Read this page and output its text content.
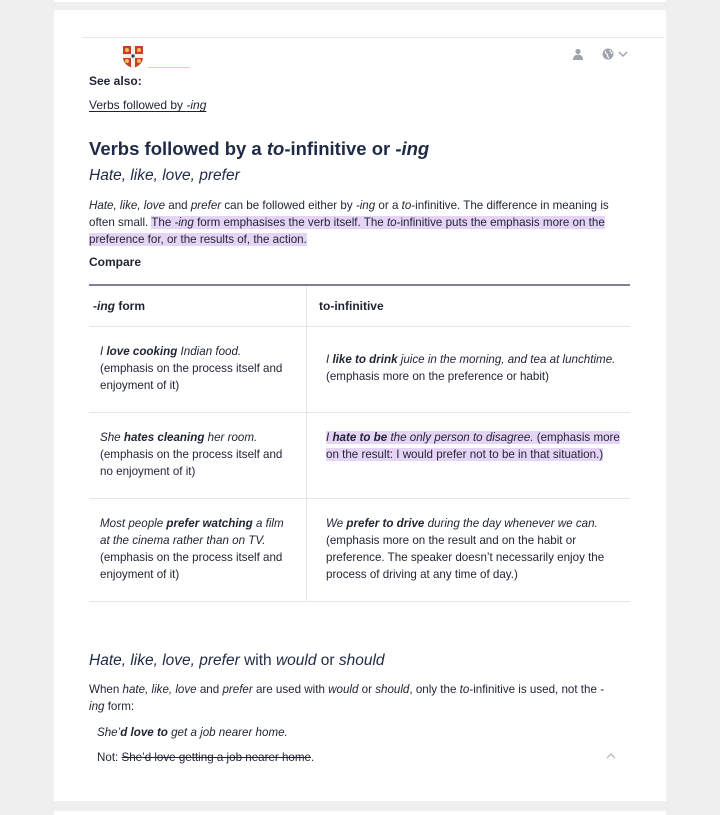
See also:
Verbs followed by -ing
Verbs followed by a to-infinitive or -ing
Hate, like, love, prefer
Hate, like, love and prefer can be followed either by -ing or a to-infinitive. The difference in meaning is often small. The -ing form emphasises the verb itself. The to-infinitive puts the emphasis more on the preference for, or the results of, the action.
Compare
-ing form	to-infinitive
I love cooking Indian food.
(emphasis on the process itself and enjoyment of it)
I like to drink juice in the morning, and tea at lunchtime.
(emphasis more on the preference or habit)
She hates cleaning her room.
(emphasis on the process itself and no enjoyment of it)
I hate to be the only person to disagree. (emphasis more on the result: I would prefer not to be in that situation.)
Most people prefer watching a film at the cinema rather than on TV.
(emphasis on the process itself and enjoyment of it)
We prefer to drive during the day whenever we can.
(emphasis more on the result and on the habit or preference. The speaker doesn’t necessarily enjoy the process of driving at any time of day.)
Hate, like, love, prefer with would or should
When hate, like, love and prefer are used with would or should, only the to-infinitive is used, not the -ing form:
She’d love to get a job nearer home.
Not: She’d love getting a job nearer home.
